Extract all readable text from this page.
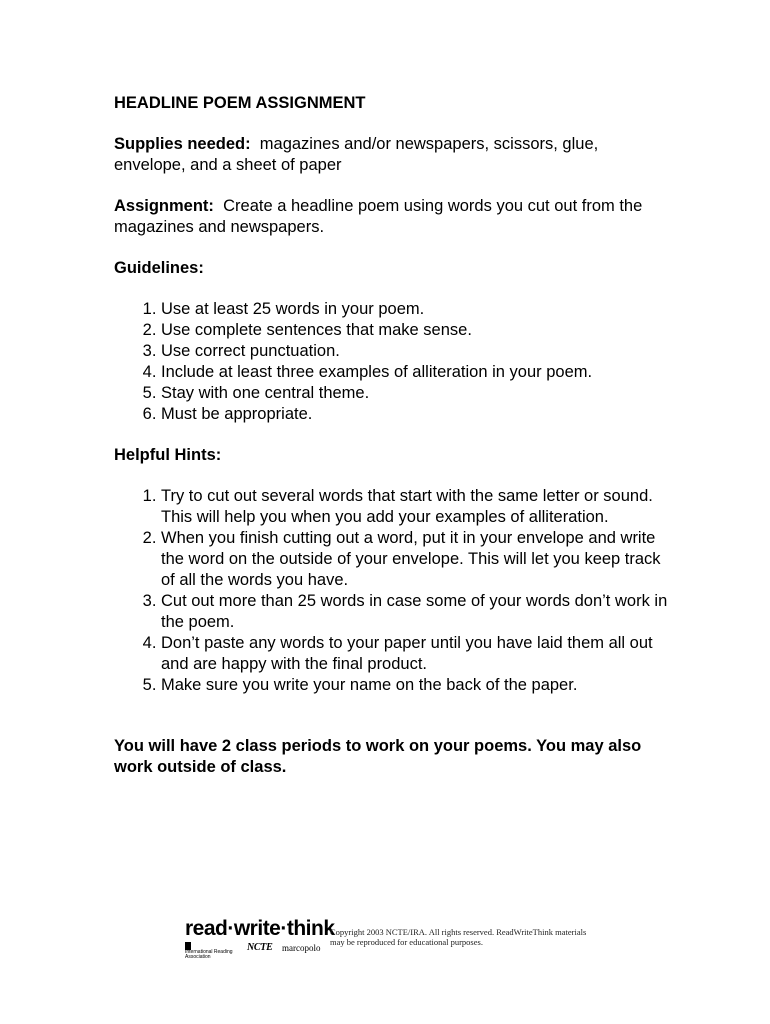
HEADLINE POEM ASSIGNMENT

Supplies needed: magazines and/or newspapers, scissors, glue, envelope, and a sheet of paper

Assignment: Create a headline poem using words you cut out from the magazines and newspapers.

Guidelines:

1. Use at least 25 words in your poem.
2. Use complete sentences that make sense.
3. Use correct punctuation.
4. Include at least three examples of alliteration in your poem.
5. Stay with one central theme.
6. Must be appropriate.

Helpful Hints:

1. Try to cut out several words that start with the same letter or sound. This will help you when you add your examples of alliteration.
2. When you finish cutting out a word, put it in your envelope and write the word on the outside of your envelope. This will let you keep track of all the words you have.
3. Cut out more than 25 words in case some of your words don’t work in the poem.
4. Don’t paste any words to your paper until you have laid them all out and are happy with the final product.
5. Make sure you write your name on the back of the paper.

You will have 2 class periods to work on your poems. You may also work outside of class.

read·write·think
International Reading Association
NCTE marcopolo
Copyright 2003 NCTE/IRA. All rights reserved. ReadWriteThink materials may be reproduced for educational purposes.
